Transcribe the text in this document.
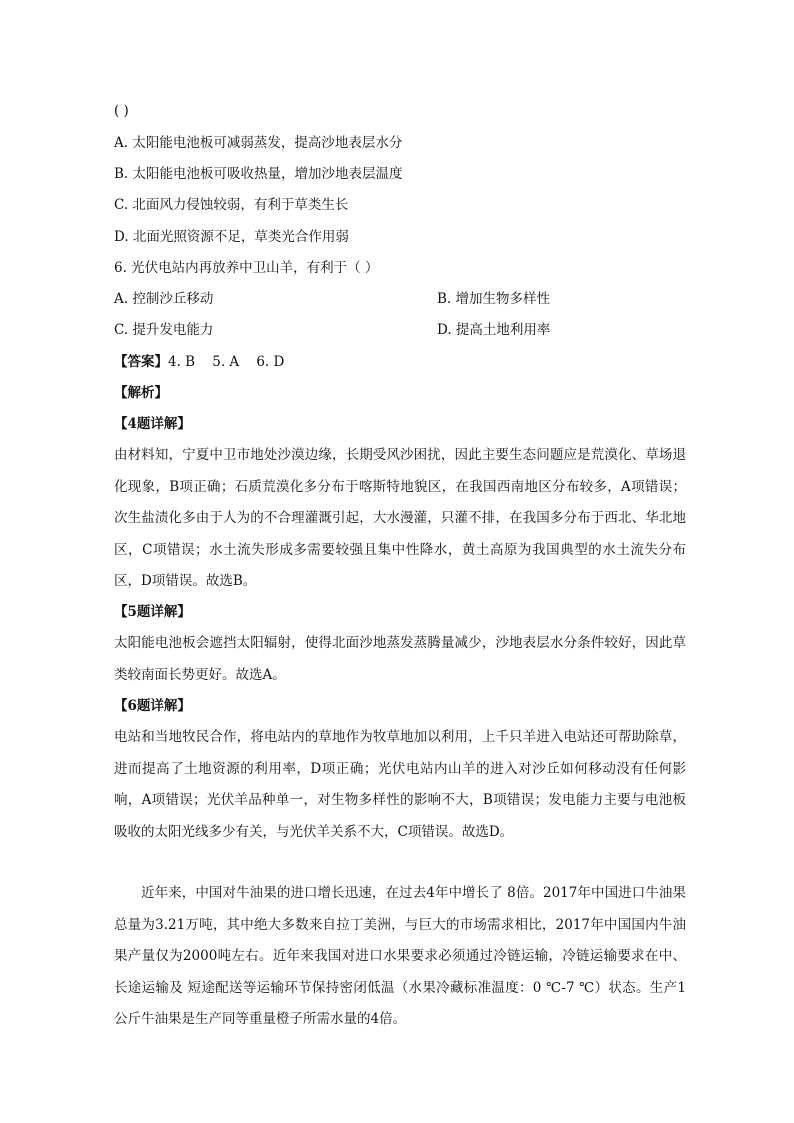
( )
A. 太阳能电池板可减弱蒸发，提高沙地表层水分
B. 太阳能电池板可吸收热量，增加沙地表层温度
C. 北面风力侵蚀较弱，有利于草类生长
D. 北面光照资源不足，草类光合作用弱
6. 光伏电站内再放养中卫山羊，有利于（ ）
A. 控制沙丘移动	B. 增加生物多样性
C. 提升发电能力	D. 提高土地利用率
【答案】4. B    5. A    6. D
【解析】
【4题详解】
由材料知，宁夏中卫市地处沙漠边缘，长期受风沙困扰，因此主要生态问题应是荒漠化、草场退化现象，B项正确；石质荒漠化多分布于喀斯特地貌区，在我国西南地区分布较多，A项错误；次生盐渍化多由于人为的不合理灌溉引起，大水漫灌，只灌不排，在我国多分布于西北、华北地区，C项错误；水土流失形成多需要较强且集中性降水，黄土高原为我国典型的水土流失分布区，D项错误。故选B。
【5题详解】
太阳能电池板会遮挡太阳辐射，使得北面沙地蒸发蒸腾量减少，沙地表层水分条件较好，因此草类较南面长势更好。故选A。
【6题详解】
电站和当地牧民合作，将电站内的草地作为牧草地加以利用，上千只羊进入电站还可帮助除草，进而提高了土地资源的利用率，D项正确；光伏电站内山羊的进入对沙丘如何移动没有任何影响，A项错误；光伏羊品种单一，对生物多样性的影响不大，B项错误；发电能力主要与电池板吸收的太阳光线多少有关，与光伏羊关系不大，C项错误。故选D。
近年来，中国对牛油果的进口增长迅速，在过去4年中增长了 8倍。2017年中国进口牛油果总量为3.21万吨，其中绝大多数来自拉丁美洲，与巨大的市场需求相比，2017年中国国内牛油果产量仅为2000吨左右。近年来我国对进口水果要求必须通过冷链运输，冷链运输要求在中、长途运输及 短途配送等运输环节保持密闭低温（水果冷藏标准温度：0 ℃-7 ℃）状态。生产1公斤牛油果是生产同等重量橙子所需水量的4倍。
